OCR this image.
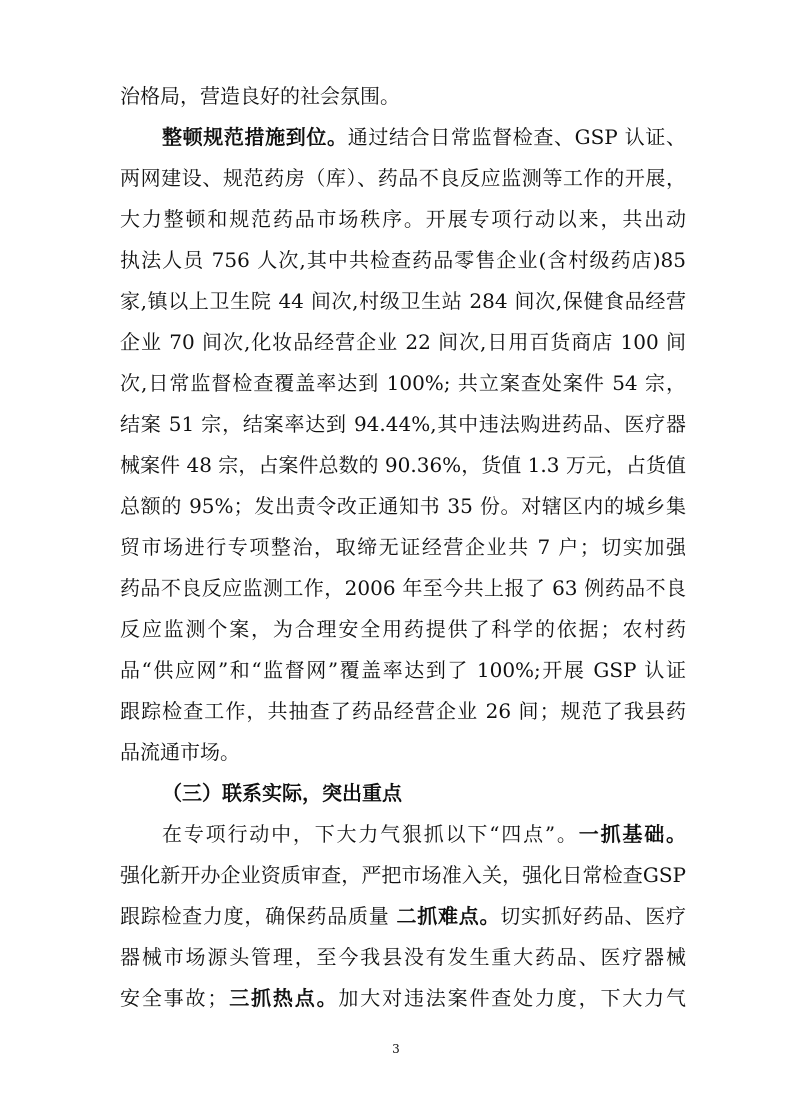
治格局，营造良好的社会氛围。
整顿规范措施到位。通过结合日常监督检查、GSP 认证、
两网建设、规范药房（库）、药品不良反应监测等工作的开展，
大力整顿和规范药品市场秩序。开展专项行动以来，共出动
执法人员 756 人次,其中共检查药品零售企业(含村级药店)85
家,镇以上卫生院 44 间次,村级卫生站 284 间次,保健食品经营
企业 70 间次,化妆品经营企业 22 间次,日用百货商店 100 间
次,日常监督检查覆盖率达到 100%; 共立案查处案件 54 宗，
结案 51 宗，结案率达到 94.44%,其中违法购进药品、医疗器
械案件 48 宗，占案件总数的 90.36%，货值 1.3 万元，占货值
总额的 95%；发出责令改正通知书 35 份。对辖区内的城乡集
贸市场进行专项整治，取缔无证经营企业共 7 户；切实加强
药品不良反应监测工作，2006 年至今共上报了 63 例药品不良
反应监测个案，为合理安全用药提供了科学的依据；农村药
品“供应网”和“监督网”覆盖率达到了 100%;开展 GSP 认证
跟踪检查工作，共抽查了药品经营企业 26 间；规范了我县药
品流通市场。
（三）联系实际，突出重点
在专项行动中，下大力气狠抓以下“四点”。一抓基础。
强化新开办企业资质审查，严把市场准入关，强化日常检查GSP
跟踪检查力度，确保药品质量 二抓难点。切实抓好药品、医疗
器械市场源头管理，至今我县没有发生重大药品、医疗器械
安全事故；三抓热点。加大对违法案件查处力度，下大力气
3
